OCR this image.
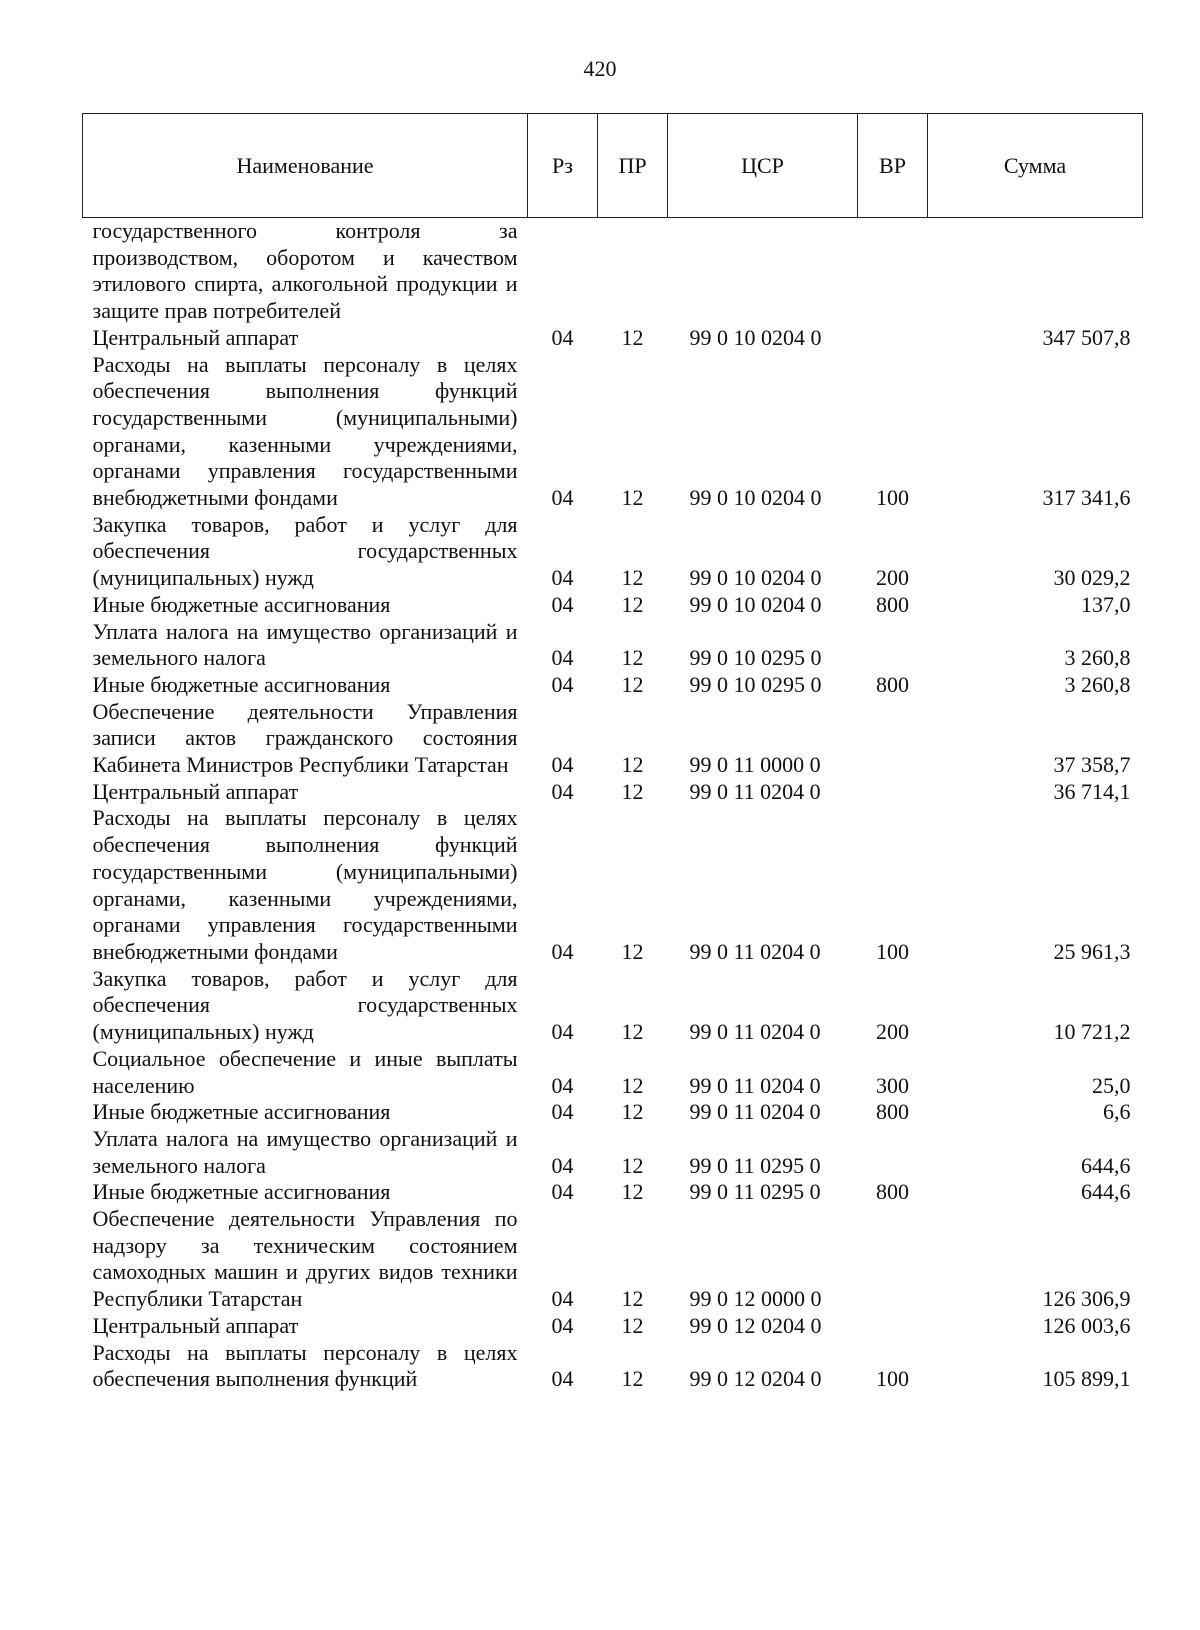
420
Наименование	Рз	ПР	ЦСР	ВР	Сумма
государственного контроля за производством, оборотом и качеством этилового спирта, алкогольной продукции и защите прав потребителей					
Центральный аппарат	04	12	99 0 10 0204 0		347 507,8
Расходы на выплаты персоналу в целях обеспечения выполнения функций государственными (муниципальными) органами, казенными учреждениями, органами управления государственными внебюджетными фондами	04	12	99 0 10 0204 0	100	317 341,6
Закупка товаров, работ и услуг для обеспечения государственных (муниципальных) нужд	04	12	99 0 10 0204 0	200	30 029,2
Иные бюджетные ассигнования	04	12	99 0 10 0204 0	800	137,0
Уплата налога на имущество организаций и земельного налога	04	12	99 0 10 0295 0		3 260,8
Иные бюджетные ассигнования	04	12	99 0 10 0295 0	800	3 260,8
Обеспечение деятельности Управления записи актов гражданского состояния Кабинета Министров Республики Татарстан	04	12	99 0 11 0000 0		37 358,7
Центральный аппарат	04	12	99 0 11 0204 0		36 714,1
Расходы на выплаты персоналу в целях обеспечения выполнения функций государственными (муниципальными) органами, казенными учреждениями, органами управления государственными внебюджетными фондами	04	12	99 0 11 0204 0	100	25 961,3
Закупка товаров, работ и услуг для обеспечения государственных (муниципальных) нужд	04	12	99 0 11 0204 0	200	10 721,2
Социальное обеспечение и иные выплаты населению	04	12	99 0 11 0204 0	300	25,0
Иные бюджетные ассигнования	04	12	99 0 11 0204 0	800	6,6
Уплата налога на имущество организаций и земельного налога	04	12	99 0 11 0295 0		644,6
Иные бюджетные ассигнования	04	12	99 0 11 0295 0	800	644,6
Обеспечение деятельности Управления по надзору за техническим состоянием самоходных машин и других видов техники Республики Татарстан	04	12	99 0 12 0000 0		126 306,9
Центральный аппарат	04	12	99 0 12 0204 0		126 003,6
Расходы на выплаты персоналу в целях обеспечения выполнения функций	04	12	99 0 12 0204 0	100	105 899,1
